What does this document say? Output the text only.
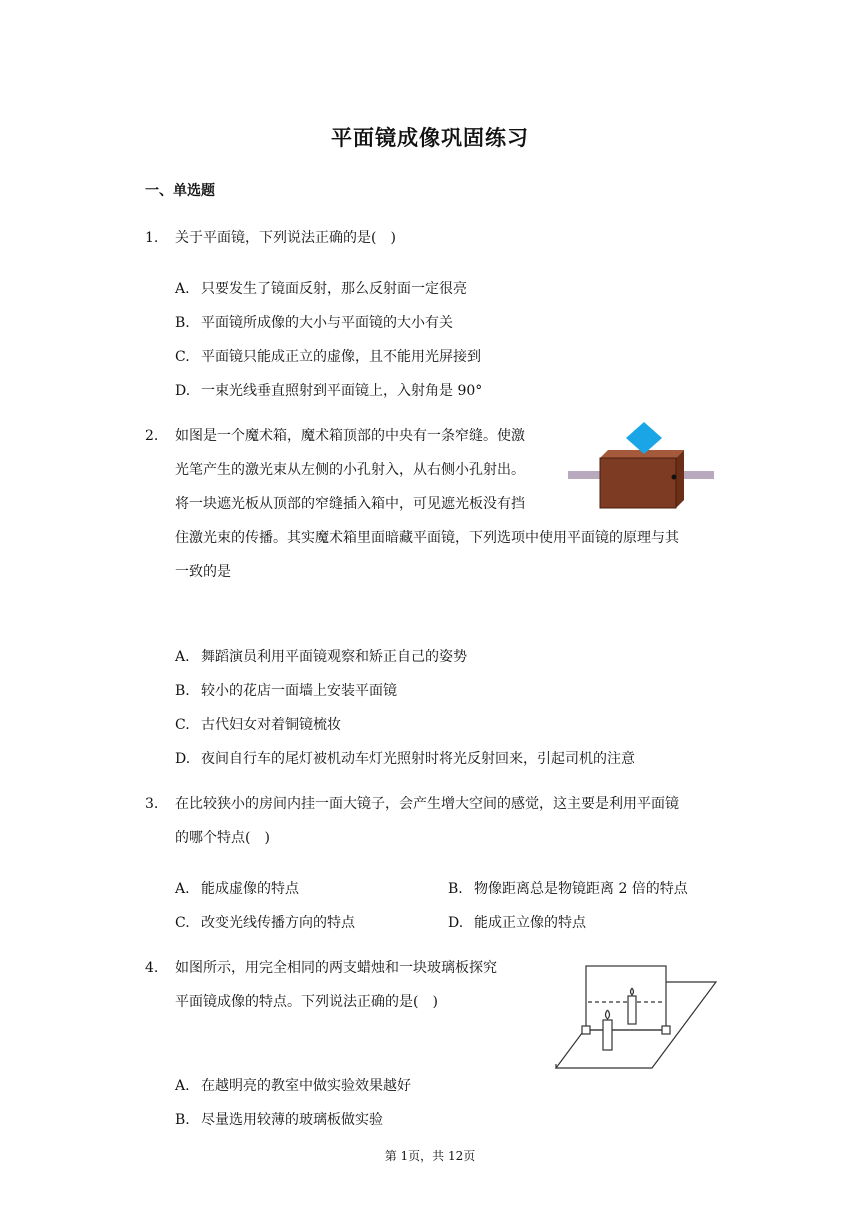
平面镜成像巩固练习
一、单选题
1. 关于平面镜，下列说法正确的是(　)
A. 只要发生了镜面反射，那么反射面一定很亮
B. 平面镜所成像的大小与平面镜的大小有关
C. 平面镜只能成正立的虚像，且不能用光屏接到
D. 一束光线垂直照射到平面镜上，入射角是 90°
2. 如图是一个魔术箱，魔术箱顶部的中央有一条窄缝。使激
光笔产生的激光束从左侧的小孔射入，从右侧小孔射出。
将一块遮光板从顶部的窄缝插入箱中，可见遮光板没有挡
住激光束的传播。其实魔术箱里面暗藏平面镜，下列选项中使用平面镜的原理与其
一致的是
A. 舞蹈演员利用平面镜观察和矫正自己的姿势
B. 较小的花店一面墙上安装平面镜
C. 古代妇女对着铜镜梳妆
D. 夜间自行车的尾灯被机动车灯光照射时将光反射回来，引起司机的注意
3. 在比较狭小的房间内挂一面大镜子，会产生增大空间的感觉，这主要是利用平面镜
的哪个特点(　)
A. 能成虚像的特点	B. 物像距离总是物镜距离 2 倍的特点
C. 改变光线传播方向的特点	D. 能成正立像的特点
4. 如图所示，用完全相同的两支蜡烛和一块玻璃板探究
平面镜成像的特点。下列说法正确的是(　)
A. 在越明亮的教室中做实验效果越好
B. 尽量选用较薄的玻璃板做实验
第 1页，共 12页
